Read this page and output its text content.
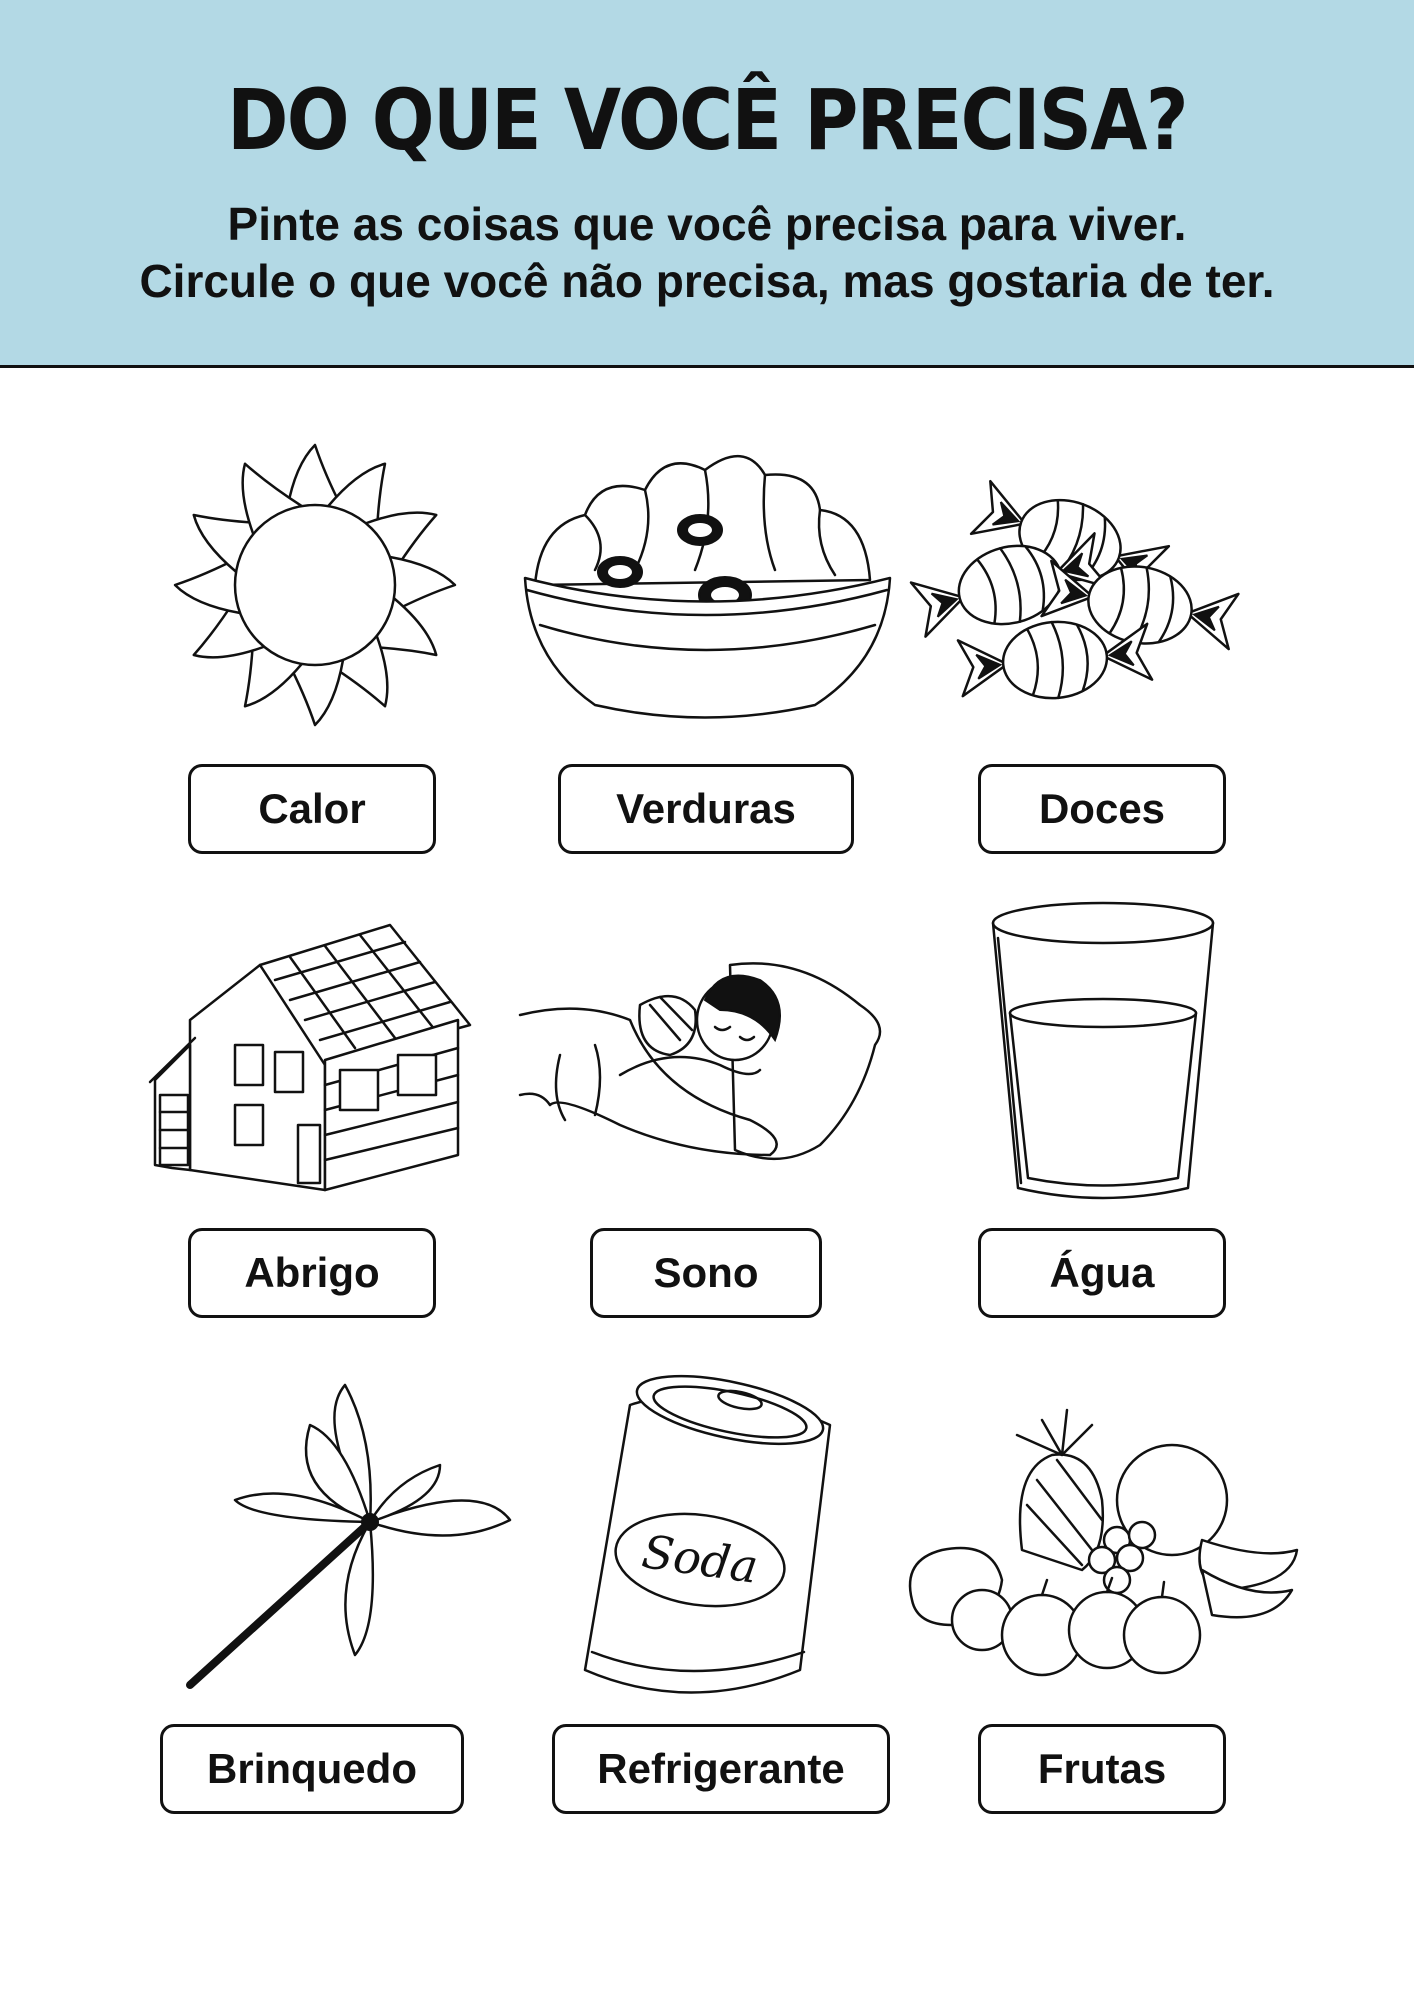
DO QUE VOCÊ PRECISA?

Pinte as coisas que você precisa para viver.

Circule o que você não precisa, mas gostaria de ter.

Calor	Verduras	Doces
Abrigo	Sono	Água
Brinquedo
Soda
Refrigerante	Frutas
